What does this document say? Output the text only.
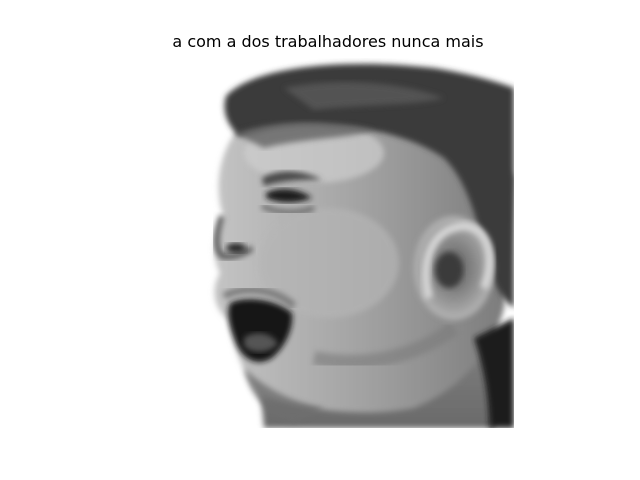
a com a dos trabalhadores nunca mais
